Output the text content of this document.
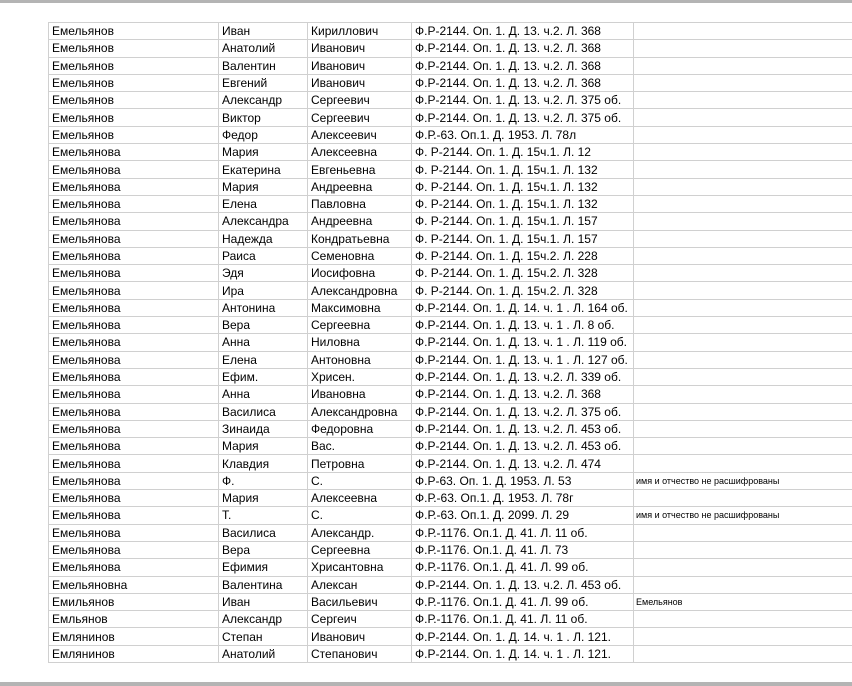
Емельянов	Иван	Кириллович	Ф.Р-2144. Оп. 1. Д. 13. ч.2. Л. 368	
Емельянов	Анатолий	Иванович	Ф.Р-2144. Оп. 1. Д. 13. ч.2. Л. 368	
Емельянов	Валентин	Иванович	Ф.Р-2144. Оп. 1. Д. 13. ч.2. Л. 368	
Емельянов	Евгений	Иванович	Ф.Р-2144. Оп. 1. Д. 13. ч.2. Л. 368	
Емельянов	Александр	Сергеевич	Ф.Р-2144. Оп. 1. Д. 13. ч.2. Л. 375 об.	
Емельянов	Виктор	Сергеевич	Ф.Р-2144. Оп. 1. Д. 13. ч.2. Л. 375 об.	
Емельянов	Федор	Алексеевич	Ф.Р.-63. Оп.1. Д. 1953. Л. 78л	
Емельянова	Мария	Алексеевна	Ф. Р-2144. Оп. 1. Д. 15ч.1. Л. 12	
Емельянова	Екатерина	Евгеньевна	Ф. Р-2144. Оп. 1. Д. 15ч.1. Л. 132	
Емельянова	Мария	Андреевна	Ф. Р-2144. Оп. 1. Д. 15ч.1. Л. 132	
Емельянова	Елена	Павловна	Ф. Р-2144. Оп. 1. Д. 15ч.1. Л. 132	
Емельянова	Александра	Андреевна	Ф. Р-2144. Оп. 1. Д. 15ч.1. Л. 157	
Емельянова	Надежда	Кондратьевна	Ф. Р-2144. Оп. 1. Д. 15ч.1. Л. 157	
Емельянова	Раиса	Семеновна	Ф. Р-2144. Оп. 1. Д. 15ч.2. Л. 228	
Емельянова	Эдя	Иосифовна	Ф. Р-2144. Оп. 1. Д. 15ч.2. Л. 328	
Емельянова	Ира	Александровна	Ф. Р-2144. Оп. 1. Д. 15ч.2. Л. 328	
Емельянова	Антонина	Максимовна	Ф.Р-2144. Оп. 1. Д. 14. ч. 1 . Л. 164 об.	
Емельянова	Вера	Сергеевна	Ф.Р-2144. Оп. 1. Д. 13. ч. 1 . Л. 8 об.	
Емельянова	Анна	Ниловна	Ф.Р-2144. Оп. 1. Д. 13. ч. 1 . Л. 119 об.	
Емельянова	Елена	Антоновна	Ф.Р-2144. Оп. 1. Д. 13. ч. 1 . Л. 127 об.	
Емельянова	Ефим.	Хрисен.	Ф.Р-2144. Оп. 1. Д. 13. ч.2. Л. 339 об.	
Емельянова	Анна	Ивановна	Ф.Р-2144. Оп. 1. Д. 13. ч.2. Л. 368	
Емельянова	Василиса	Александровна	Ф.Р-2144. Оп. 1. Д. 13. ч.2. Л. 375 об.	
Емельянова	Зинаида	Федоровна	Ф.Р-2144. Оп. 1. Д. 13. ч.2. Л. 453 об.	
Емельянова	Мария	Вас.	Ф.Р-2144. Оп. 1. Д. 13. ч.2. Л. 453 об.	
Емельянова	Клавдия	Петровна	Ф.Р-2144. Оп. 1. Д. 13. ч.2. Л. 474	
Емельянова	Ф.	С.	Ф.Р-63. Оп. 1. Д. 1953. Л. 53	имя и отчество не расшифрованы
Емельянова	Мария	Алексеевна	Ф.Р.-63. Оп.1. Д. 1953. Л. 78г	
Емельянова	Т.	С.	Ф.Р.-63. Оп.1. Д. 2099. Л. 29	имя и отчество не расшифрованы
Емельянова	Василиса	Александр.	Ф.Р.-1176. Оп.1. Д. 41. Л. 11 об.	
Емельянова	Вера	Сергеевна	Ф.Р.-1176. Оп.1. Д. 41. Л. 73	
Емельянова	Ефимия	Хрисантовна	Ф.Р.-1176. Оп.1. Д. 41. Л. 99 об.	
Емельяновна	Валентина	Алексан	Ф.Р-2144. Оп. 1. Д. 13. ч.2. Л. 453 об.	
Емильянов	Иван	Васильевич	Ф.Р.-1176. Оп.1. Д. 41. Л. 99 об.	Емельянов
Емльянов	Александр	Сергеич	Ф.Р.-1176. Оп.1. Д. 41. Л. 11 об.	
Емлянинов	Степан	Иванович	Ф.Р-2144. Оп. 1. Д. 14. ч. 1 . Л. 121.	
Емлянинов	Анатолий	Степанович	Ф.Р-2144. Оп. 1. Д. 14. ч. 1 . Л. 121.	
